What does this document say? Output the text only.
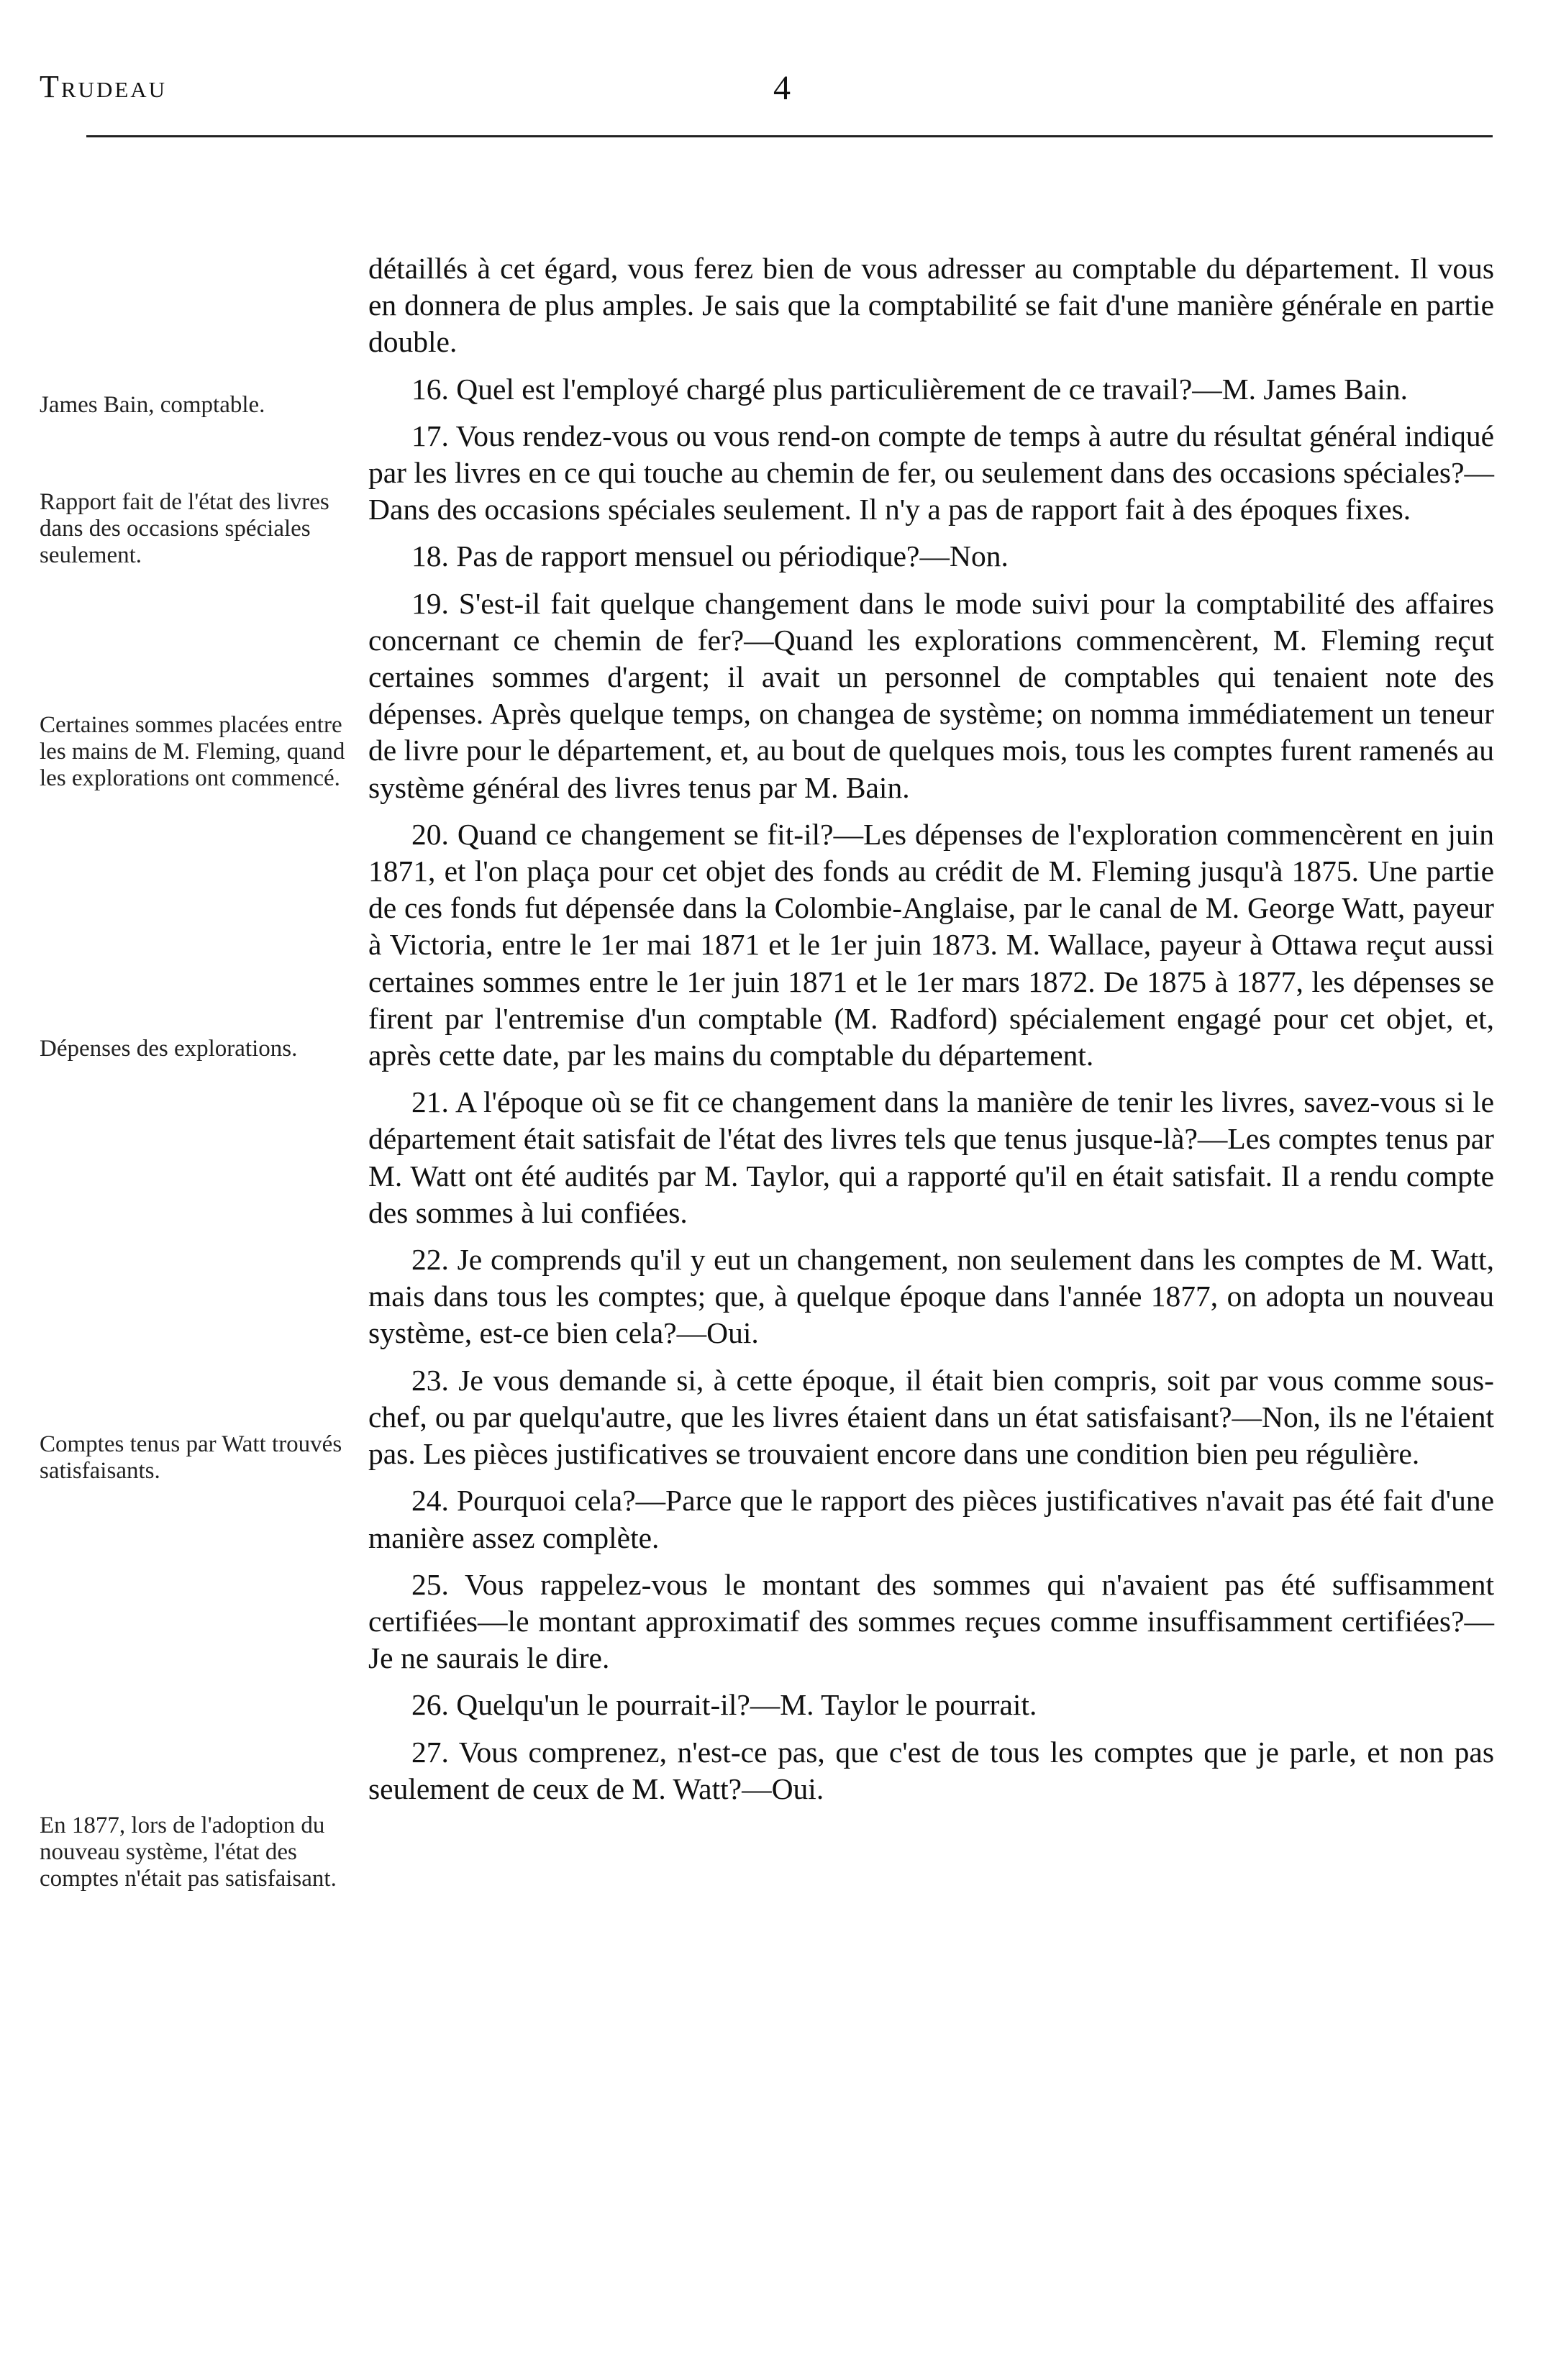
Trudeau	4
James Bain, comptable.
Rapport fait de l'état des livres dans des occasions spéciales seulement.
Certaines sommes placées entre les mains de M. Fleming, quand les explorations ont commencé.
Dépenses des explorations.
Comptes tenus par Watt trouvés satisfaisants.
En 1877, lors de l'adoption du nouveau système, l'état des comptes n'était pas satisfaisant.

détaillés à cet égard, vous ferez bien de vous adresser au comptable du département. Il vous en donnera de plus amples. Je sais que la comptabilité se fait d'une manière générale en partie double.

16. Quel est l'employé chargé plus particulièrement de ce travail?—M. James Bain.

17. Vous rendez-vous ou vous rend-on compte de temps à autre du résultat général indiqué par les livres en ce qui touche au chemin de fer, ou seulement dans des occasions spéciales?—Dans des occasions spéciales seulement. Il n'y a pas de rapport fait à des époques fixes.

18. Pas de rapport mensuel ou périodique?—Non.

19. S'est-il fait quelque changement dans le mode suivi pour la comptabilité des affaires concernant ce chemin de fer?—Quand les explorations commencèrent, M. Fleming reçut certaines sommes d'argent; il avait un personnel de comptables qui tenaient note des dépenses. Après quelque temps, on changea de système; on nomma immédiatement un teneur de livre pour le département, et, au bout de quelques mois, tous les comptes furent ramenés au système général des livres tenus par M. Bain.

20. Quand ce changement se fit-il?—Les dépenses de l'exploration commencèrent en juin 1871, et l'on plaça pour cet objet des fonds au crédit de M. Fleming jusqu'à 1875. Une partie de ces fonds fut dépensée dans la Colombie-Anglaise, par le canal de M. George Watt, payeur à Victoria, entre le 1er mai 1871 et le 1er juin 1873. M. Wallace, payeur à Ottawa reçut aussi certaines sommes entre le 1er juin 1871 et le 1er mars 1872. De 1875 à 1877, les dépenses se firent par l'entremise d'un comptable (M. Radford) spécialement engagé pour cet objet, et, après cette date, par les mains du comptable du département.

21. A l'époque où se fit ce changement dans la manière de tenir les livres, savez-vous si le département était satisfait de l'état des livres tels que tenus jusque-là?—Les comptes tenus par M. Watt ont été audités par M. Taylor, qui a rapporté qu'il en était satisfait. Il a rendu compte des sommes à lui confiées.

22. Je comprends qu'il y eut un changement, non seulement dans les comptes de M. Watt, mais dans tous les comptes; que, à quelque époque dans l'année 1877, on adopta un nouveau système, est-ce bien cela?—Oui.

23. Je vous demande si, à cette époque, il était bien compris, soit par vous comme sous-chef, ou par quelqu'autre, que les livres étaient dans un état satisfaisant?—Non, ils ne l'étaient pas. Les pièces justificatives se trouvaient encore dans une condition bien peu régulière.

24. Pourquoi cela?—Parce que le rapport des pièces justificatives n'avait pas été fait d'une manière assez complète.

25. Vous rappelez-vous le montant des sommes qui n'avaient pas été suffisamment certifiées—le montant approximatif des sommes reçues comme insuffisamment certifiées?—Je ne saurais le dire.

26. Quelqu'un le pourrait-il?—M. Taylor le pourrait.

27. Vous comprenez, n'est-ce pas, que c'est de tous les comptes que je parle, et non pas seulement de ceux de M. Watt?—Oui.
